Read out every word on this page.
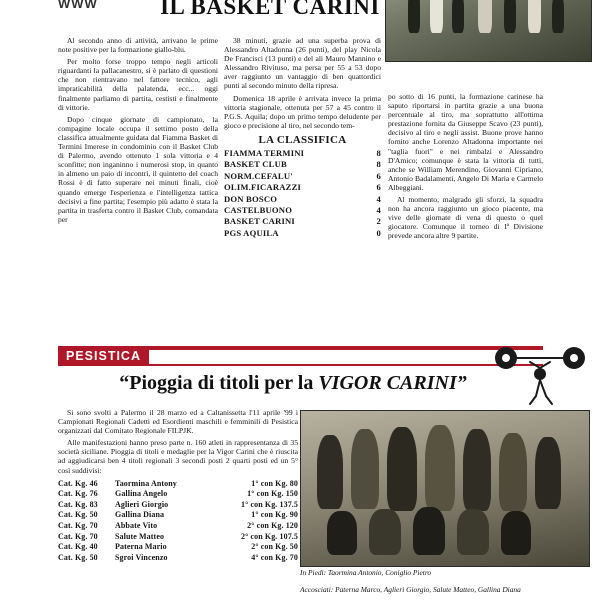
WWW	IL BASKET CARINI

Al secondo anno di attività, arrivano le prime note positive per la formazione giallo-blu.

Per molto forse troppo tempo negli articoli riguardanti la pallacanestro, si è parlato di questioni che non rientravano nel fattore tecnico, agli impraticabilità della palatenda, ecc... oggi finalmente parliamo di partita, cestisti e finalmente di vittorie.

Dopo cinque giornate di campionato, la compagine locale occupa il settimo posto della classifica attualmente guidata dal Fiamma Basket di Termini Imerese in condominio con il Basket Club di Palermo, avendo ottenuto 1 sola vittoria e 4 sconfitte; non inganinno i numerosi stop, in quanto in almeno un paio di incontri, il quintetto del coach Rossi è di fatto superare nei minuti finali, cioè quando emerge l'esperienza e l'intelligenza tattica decisivi a fine partita; l'esempio più adatto è stata la partita in trasferta contro il Basket Club, comandata per

38 minuti, grazie ad una superba prova di Alessandro Altadonna (26 punti), del play Nicola De Francisci (13 punti) e del ali Mauro Mannino e Alessandro Rivituso, ma persa per 55 a 53 dopo aver raggiunto un vantaggio di ben quattordici punti al secondo minuto della ripresa.

Domenica 18 aprile è arrivata invece la prima vittoria stagionale, ottenuta per 57 a 45 contro il P.G.S. Aquila; dopo un primo tempo deludente per gioco e precisione al tiro, nel secondo tem-

LA CLASSIFICA
FIAMMA TERMINI	8
BASKET CLUB	8
NORM.CEFALU'	6
OLIM.FICARAZZI	6
DON BOSCO	4
CASTELBUONO	4
BASKET CARINI	2
PGS AQUILA	0

po sotto di 16 punti, la formazione carinese ha saputo riportarsi in partita grazie a una buona percentuale al tiro, ma soprattutto all'ottima prestazione fornita da Giuseppe Scavo (23 punti), decisivo al tiro e negli assist. Buone prove hanno fornito anche Lorenzo Altadonna importante nei "taglia fuori" e nei rimbalzi e Alessandro D'Amico; comunque è stata la vittoria di tutti, anche se William Merendino, Giovanni Cipriano, Antonio Badalamenti, Angelo Di Maria e Carmelo Albeggiani.

Al momento, malgrado gli sforzi, la squadra non ha ancora raggiunto un gioco piacente, ma vive delle giornate di vena di questo o quel giocatore. Comunque il torneo di Iª Divisione prevede ancora altre 9 partite.

PESISTICA
“Pioggia di titoli per la VIGOR CARINI”

Si sono svolti a Palermo il 28 marzo ed a Caltanissetta l'11 aprile '99 i Campionati Regionali Cadetti ed Esordienti maschili e femminili di Pesistica organizzati dal Comitato Regionale FILPJK.

Alle manifestazioni hanno preso parte n. 160 atleti in rappresentanza di 35 società siciliane. Pioggia di titoli e medaglie per la Vigor Carini che è riuscita ad aggiudicarsi ben 4 titoli regionali 3 secondi posti 2 quarti posti ed un 5° così suddivisi:

Cat. Kg. 46	Taormina Antony	1° con Kg. 80
Cat. Kg. 76	Gallina Angelo	1° con Kg. 150
Cat. Kg. 83	Aglieri Giorgio	1° con Kg. 137.5
Cat. Kg. 50	Gallina Diana	1° con Kg. 90
Cat. Kg. 70	Abbate Vito	2° con Kg. 120
Cat. Kg. 70	Salute Matteo	2° con Kg. 107.5
Cat. Kg. 40	Paterna Mario	2° con Kg. 50
Cat. Kg. 50	Sgroi Vincenzo	4° con Kg. 70
In Piedi: Taormina Antonio, Coniglio Pietro
Accosciati: Paterna Marco, Aglieri Giorgio, Salute Matteo, Gallina Diana
